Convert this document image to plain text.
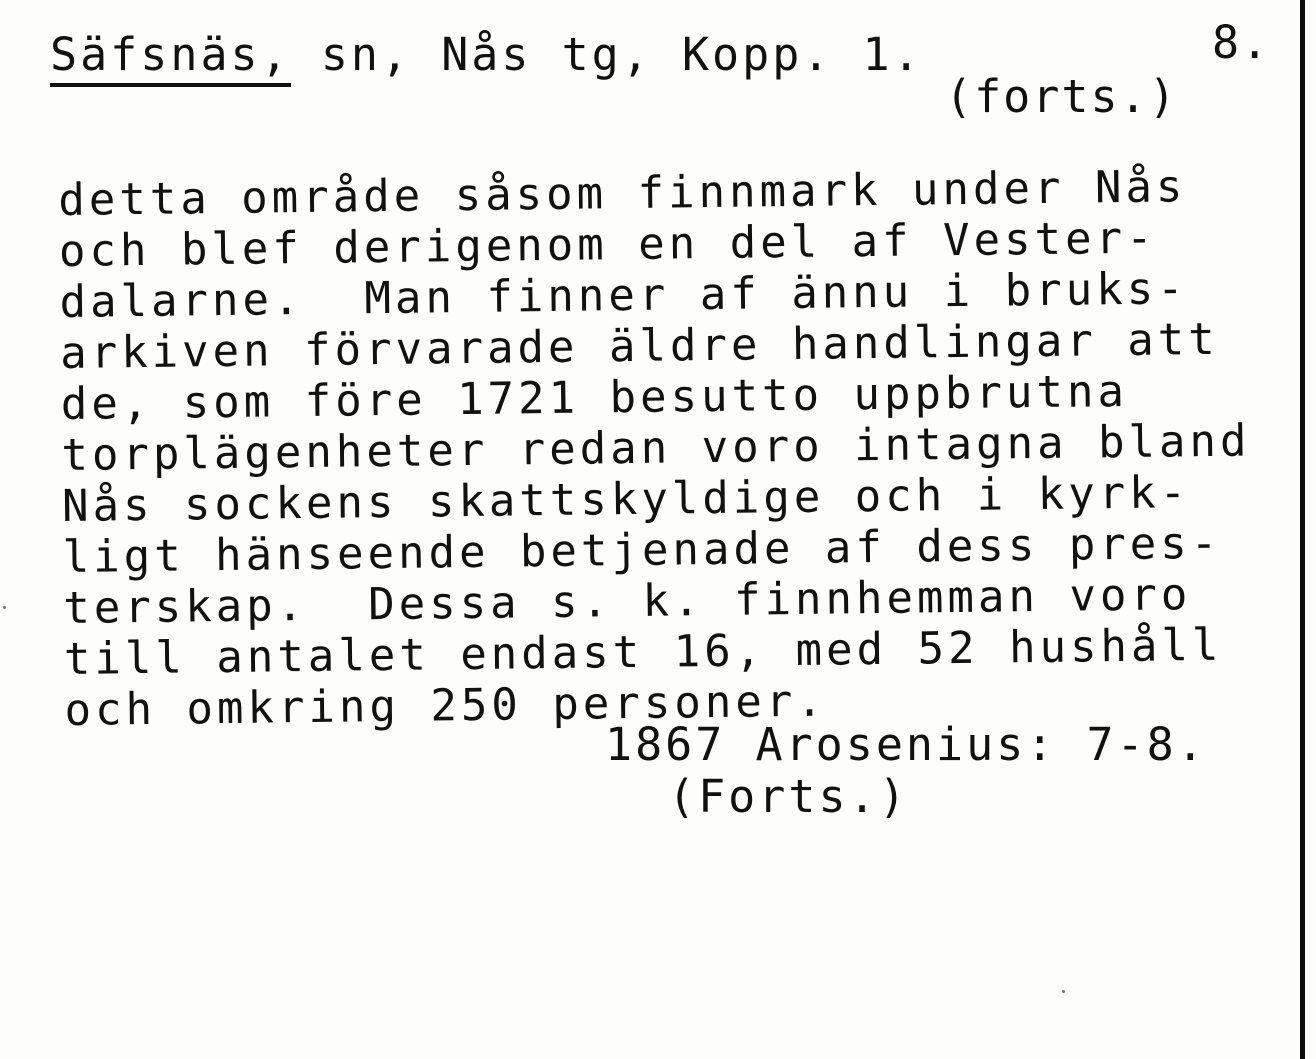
Säfsnäs, sn, Nås tg, Kopp. 1.	8.
(forts.)
detta område såsom finnmark under Nås
och blef derigenom en del af Vester-
dalarne.  Man finner af ännu i bruks-
arkiven förvarade äldre handlingar att
de, som före 1721 besutto uppbrutna
torplägenheter redan voro intagna bland
Nås sockens skattskyldige och i kyrk-
ligt hänseende betjenade af dess pres-
terskap.  Dessa s. k. finnhemman voro
till antalet endast 16, med 52 hushåll
och omkring 250 personer.
1867 Arosenius: 7-8.
(Forts.)
